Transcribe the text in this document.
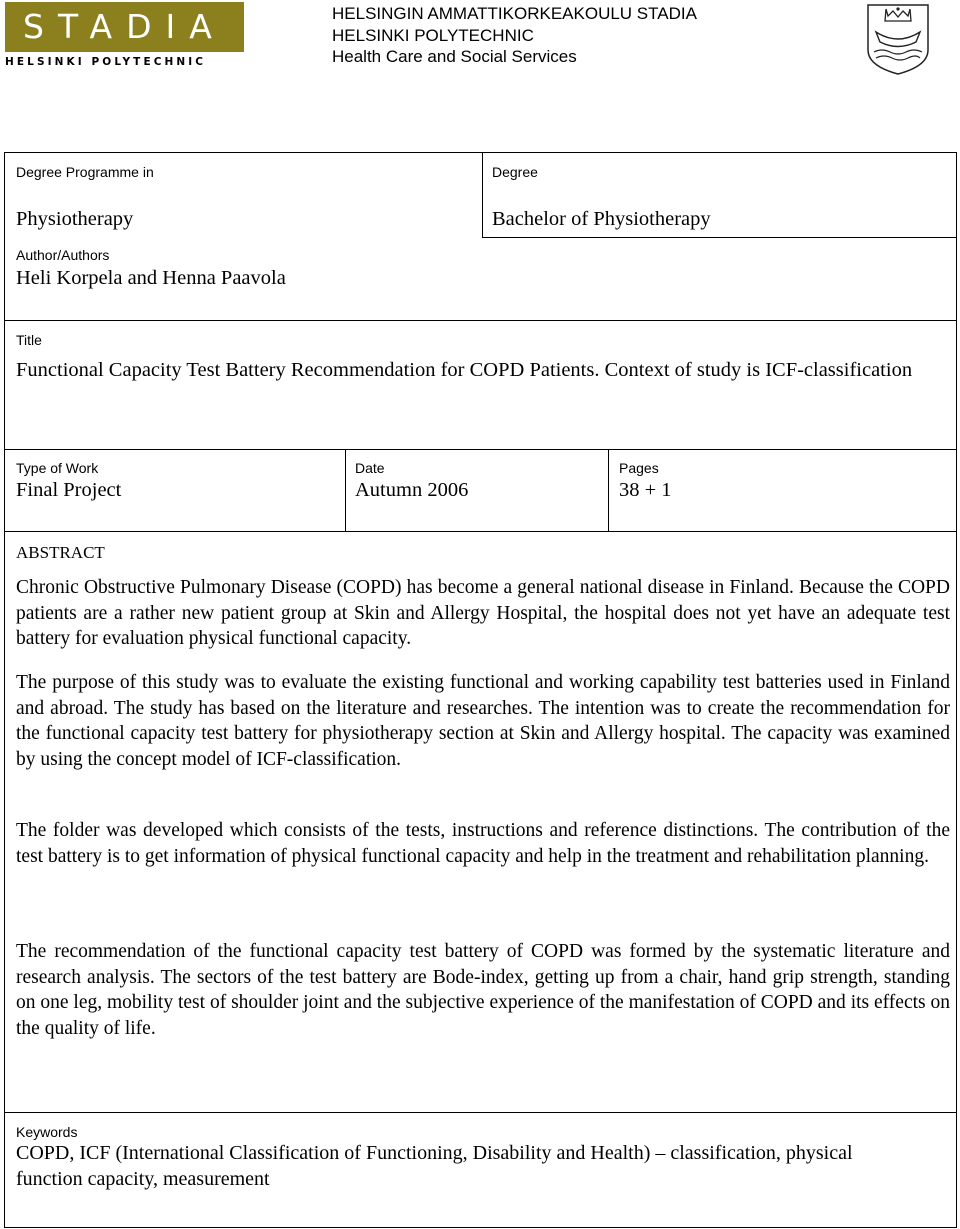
STADIA
HELSINKI POLYTECHNIC
HELSINGIN AMMATTIKORKEAKOULU STADIA
HELSINKI POLYTECHNIC
Health Care and Social Services
Degree Programme in
Physiotherapy
Degree
Bachelor of Physiotherapy
Author/Authors
Heli Korpela and Henna Paavola
Title
Functional Capacity Test Battery Recommendation for COPD Patients. Context of study is ICF-classification
Type of Work
Final Project
Date
Autumn 2006
Pages
38 + 1
ABSTRACT

Chronic Obstructive Pulmonary Disease (COPD) has become a general national disease in Finland. Because the COPD patients are a rather new patient group at Skin and Allergy Hospital, the hospital does not yet have an adequate test battery for evaluation physical functional capacity.

The purpose of this study was to evaluate the existing functional and working capability test batteries used in Finland and abroad. The study has based on the literature and researches. The intention was to create the recommendation for the functional capacity test battery for physiotherapy section at Skin and Allergy hospital. The capacity was examined by using the concept model of ICF-classification.

The folder was developed which consists of the tests, instructions and reference distinctions. The contribution of the test battery is to get information of physical functional capacity and help in the treatment and rehabilitation planning.

The recommendation of the functional capacity test battery of COPD was formed by the systematic literature and research analysis. The sectors of the test battery are Bode-index, getting up from a chair, hand grip strength, standing on one leg, mobility test of shoulder joint and the subjective experience of the manifestation of COPD and its effects on the quality of life.

Keywords
COPD, ICF (International Classification of Functioning, Disability and Health) – classification, physical function capacity, measurement
